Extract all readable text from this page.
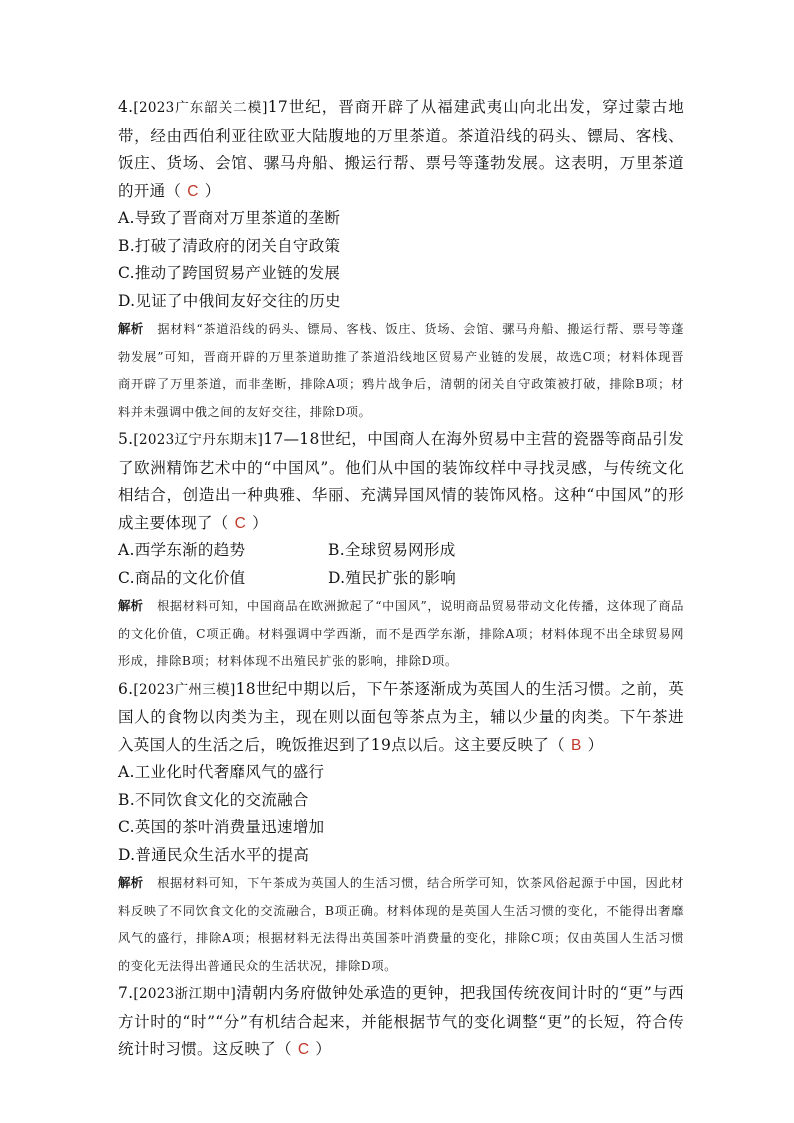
4.[2023广东韶关二模]17世纪，晋商开辟了从福建武夷山向北出发，穿过蒙古地带，经由西伯利亚往欧亚大陆腹地的万里茶道。茶道沿线的码头、镖局、客栈、饭庄、货场、会馆、骡马舟船、搬运行帮、票号等蓬勃发展。这表明，万里茶道的开通（ C ）

A.导致了晋商对万里茶道的垄断

B.打破了清政府的闭关自守政策

C.推动了跨国贸易产业链的发展

D.见证了中俄间友好交往的历史

解析 据材料“茶道沿线的码头、镖局、客栈、饭庄、货场、会馆、骡马舟船、搬运行帮、票号等蓬勃发展”可知，晋商开辟的万里茶道助推了茶道沿线地区贸易产业链的发展，故选C项；材料体现晋商开辟了万里茶道，而非垄断，排除A项；鸦片战争后，清朝的闭关自守政策被打破，排除B项；材料并未强调中俄之间的友好交往，排除D项。

5.[2023辽宁丹东期末]17—18世纪，中国商人在海外贸易中主营的瓷器等商品引发了欧洲精饰艺术中的“中国风”。他们从中国的装饰纹样中寻找灵感，与传统文化相结合，创造出一种典雅、华丽、充满异国风情的装饰风格。这种“中国风”的形成主要体现了（ C ）

A.西学东渐的趋势	B.全球贸易网形成

C.商品的文化价值	D.殖民扩张的影响

解析 根据材料可知，中国商品在欧洲掀起了“中国风”，说明商品贸易带动文化传播，这体现了商品的文化价值，C项正确。材料强调中学西渐，而不是西学东渐，排除A项；材料体现不出全球贸易网形成，排除B项；材料体现不出殖民扩张的影响，排除D项。

6.[2023广州三模]18世纪中期以后，下午茶逐渐成为英国人的生活习惯。之前，英国人的食物以肉类为主，现在则以面包等茶点为主，辅以少量的肉类。下午茶进入英国人的生活之后，晚饭推迟到了19点以后。这主要反映了（ B ）

A.工业化时代奢靡风气的盛行

B.不同饮食文化的交流融合

C.英国的茶叶消费量迅速增加

D.普通民众生活水平的提高

解析 根据材料可知，下午茶成为英国人的生活习惯，结合所学可知，饮茶风俗起源于中国，因此材料反映了不同饮食文化的交流融合，B项正确。材料体现的是英国人生活习惯的变化，不能得出奢靡风气的盛行，排除A项；根据材料无法得出英国茶叶消费量的变化，排除C项；仅由英国人生活习惯的变化无法得出普通民众的生活状况，排除D项。

7.[2023浙江期中]清朝内务府做钟处承造的更钟，把我国传统夜间计时的“更”与西方计时的“时”“分”有机结合起来，并能根据节气的变化调整“更”的长短，符合传统计时习惯。这反映了（ C ）
